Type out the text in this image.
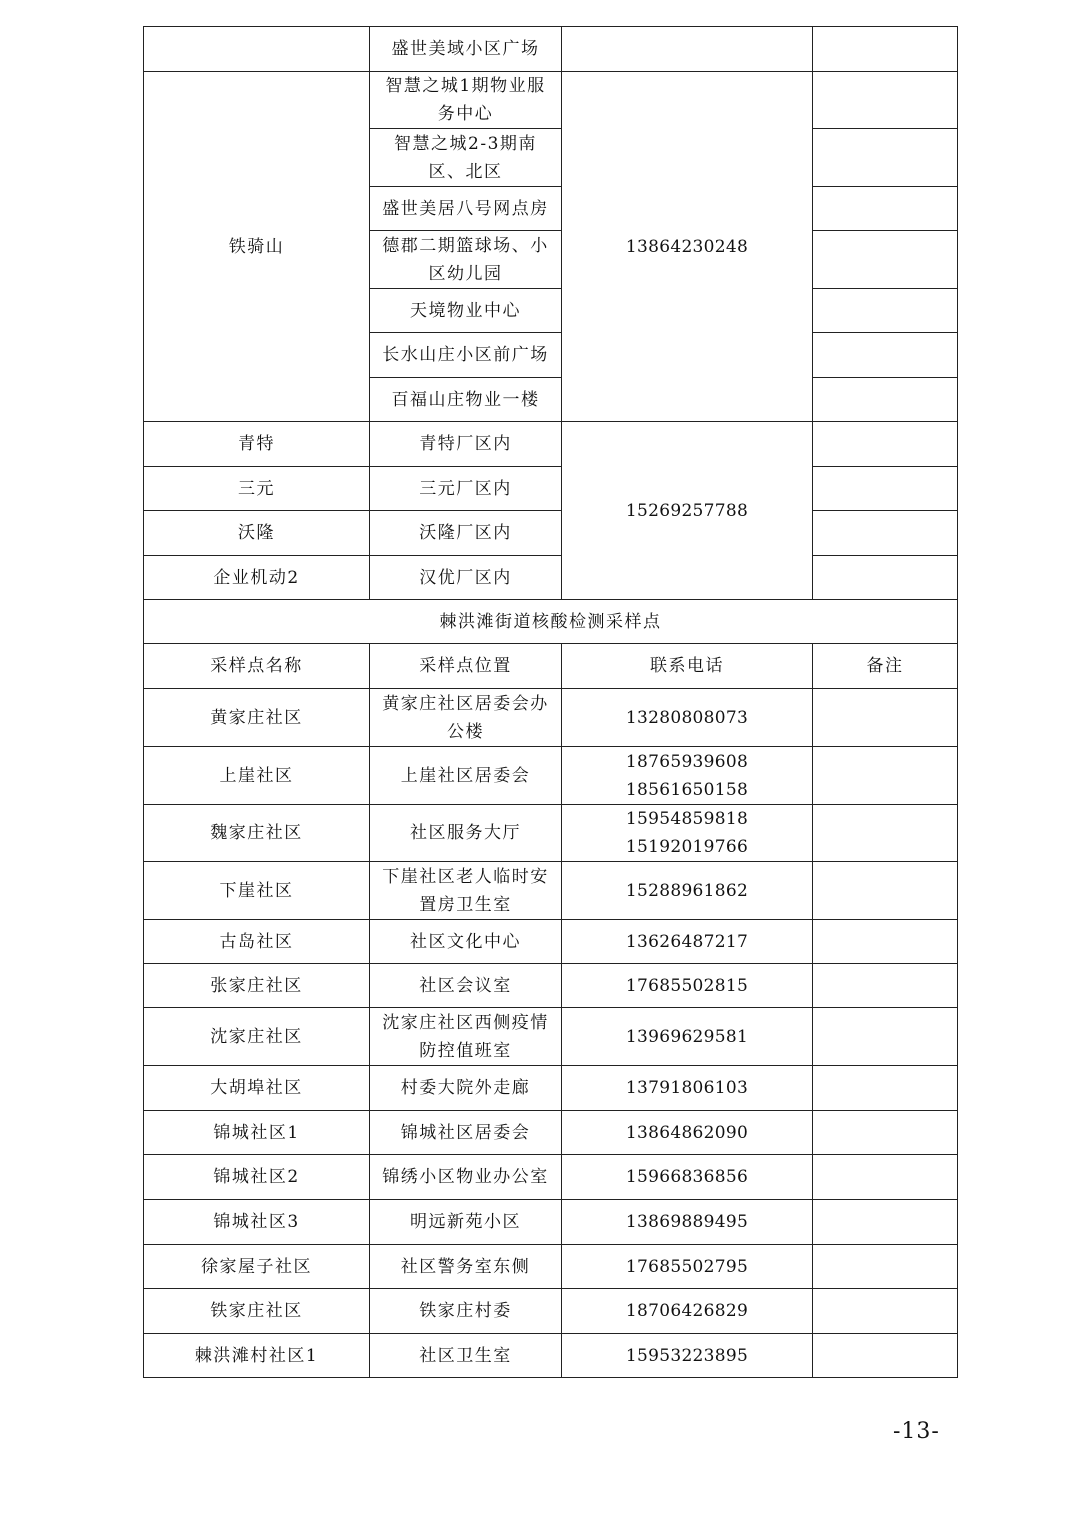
	盛世美域小区广场		
铁骑山	智慧之城1期物业服务中心	13864230248	
	智慧之城2-3期南区、北区		
	盛世美居八号网点房		
	德郡二期篮球场、小区幼儿园		
	天境物业中心		
	长水山庄小区前广场		
	百福山庄物业一楼		
青特	青特厂区内	15269257788	
三元	三元厂区内		
沃隆	沃隆厂区内		
企业机动2	汉优厂区内		
棘洪滩街道核酸检测采样点			
采样点名称	采样点位置	联系电话	备注
黄家庄社区	黄家庄社区居委会办公楼	13280808073	

上崖社区	上崖社区居委会	18765939608
18561650158	

魏家庄社区	社区服务大厅	15954859818
15192019766	

下崖社区	下崖社区老人临时安置房卫生室	15288961862	

古岛社区	社区文化中心	13626487217	

张家庄社区	社区会议室	17685502815	

沈家庄社区	沈家庄社区西侧疫情防控值班室	13969629581	

大胡埠社区	村委大院外走廊	13791806103	

锦城社区1	锦城社区居委会	13864862090	

锦城社区2	锦绣小区物业办公室	15966836856	

锦城社区3	明远新苑小区	13869889495	

徐家屋子社区	社区警务室东侧	17685502795	

铁家庄社区	铁家庄村委	18706426829	

棘洪滩村社区1	社区卫生室	15953223895	

-13-
